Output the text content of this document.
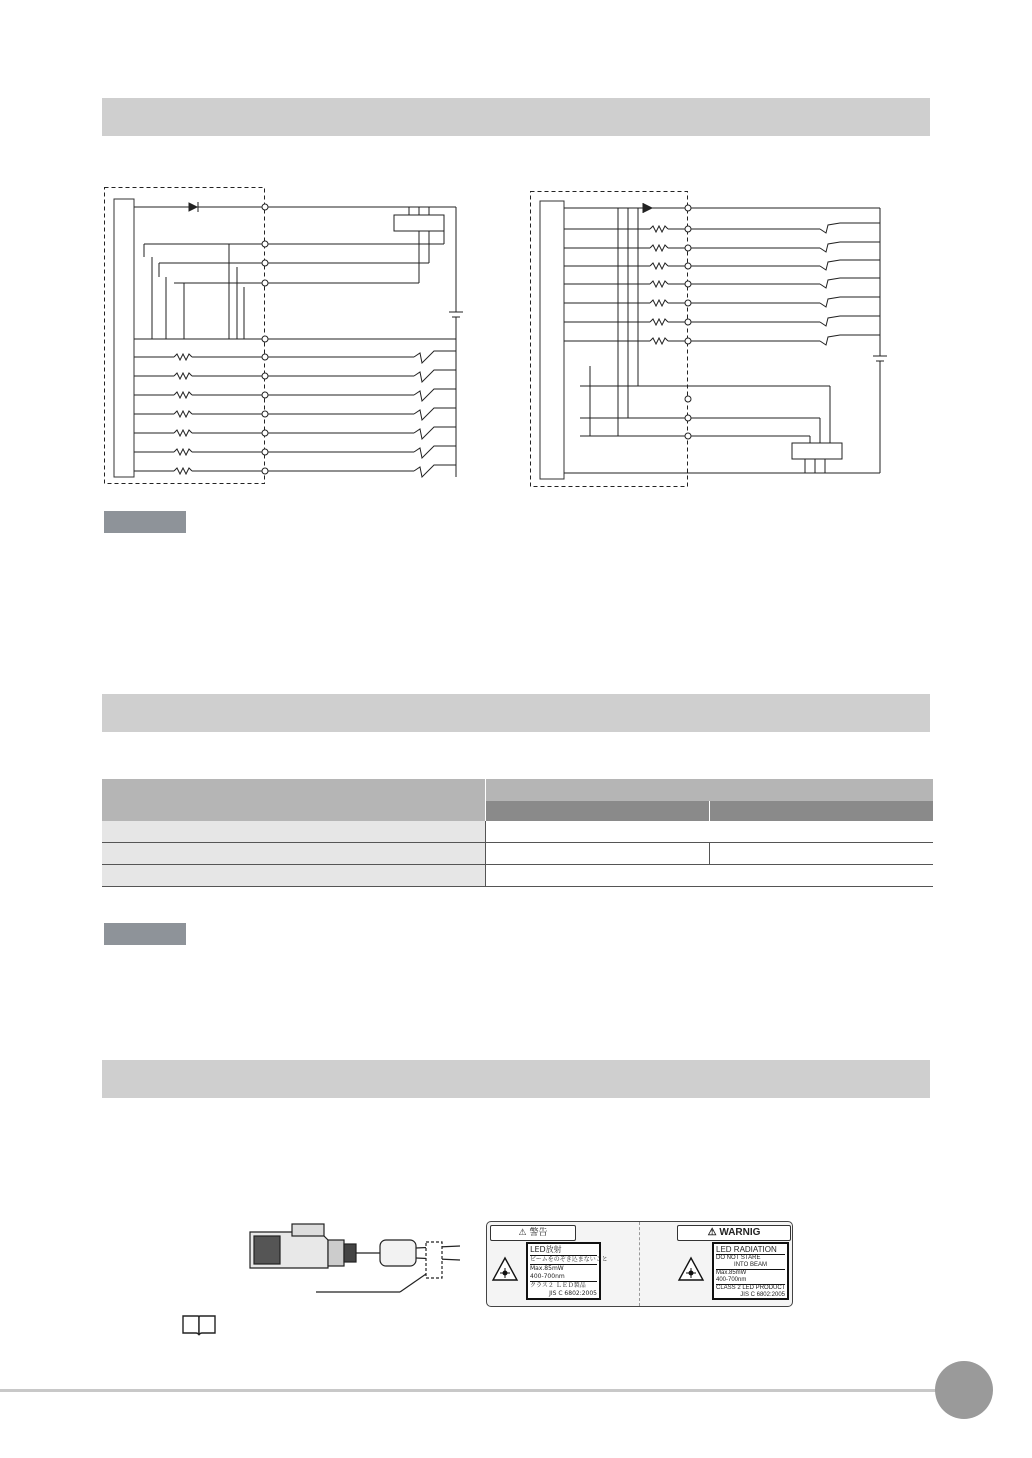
⚠ 警告
LED放射
ビームをのぞき込まないこと
Max.85mW
400-700nm
クラス２ ＬＥＤ製品
JIS C 6802:2005
⚠ WARNIG
LED RADIATION
DO NOT STARE
INTO BEAM
Max.85mW
400-700nm
CLASS 2 LED PRODUCT
JIS C 6802:2005
